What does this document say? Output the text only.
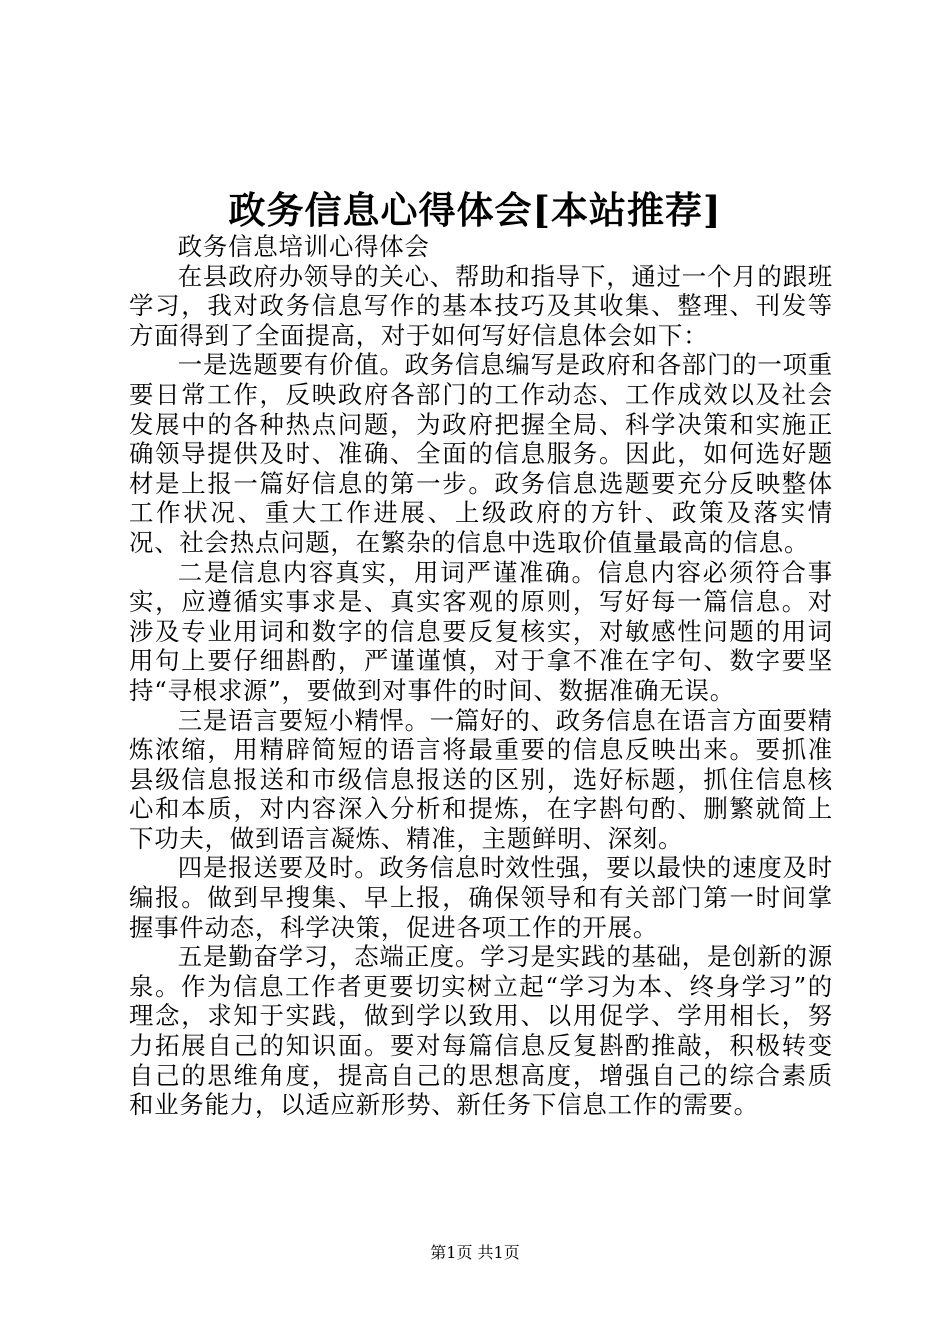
政务信息心得体会[本站推荐]

政务信息培训心得体会

在县政府办领导的关心、帮助和指导下，通过一个月的跟班学习，我对政务信息写作的基本技巧及其收集、整理、刊发等方面得到了全面提高，对于如何写好信息体会如下：

一是选题要有价值。政务信息编写是政府和各部门的一项重要日常工作，反映政府各部门的工作动态、工作成效以及社会发展中的各种热点问题，为政府把握全局、科学决策和实施正确领导提供及时、准确、全面的信息服务。因此，如何选好题材是上报一篇好信息的第一步。政务信息选题要充分反映整体工作状况、重大工作进展、上级政府的方针、政策及落实情况、社会热点问题，在繁杂的信息中选取价值量最高的信息。

二是信息内容真实，用词严谨准确。信息内容必须符合事实，应遵循实事求是、真实客观的原则，写好每一篇信息。对涉及专业用词和数字的信息要反复核实，对敏感性问题的用词用句上要仔细斟酌，严谨谨慎，对于拿不准在字句、数字要坚持“寻根求源”，要做到对事件的时间、数据准确无误。

三是语言要短小精悍。一篇好的、政务信息在语言方面要精炼浓缩，用精辟简短的语言将最重要的信息反映出来。要抓准县级信息报送和市级信息报送的区别，选好标题，抓住信息核心和本质，对内容深入分析和提炼，在字斟句酌、删繁就简上下功夫，做到语言凝炼、精准，主题鲜明、深刻。

四是报送要及时。政务信息时效性强，要以最快的速度及时编报。做到早搜集、早上报，确保领导和有关部门第一时间掌握事件动态，科学决策，促进各项工作的开展。

五是勤奋学习，态端正度。学习是实践的基础，是创新的源泉。作为信息工作者更要切实树立起“学习为本、终身学习”的理念，求知于实践，做到学以致用、以用促学、学用相长，努力拓展自己的知识面。要对每篇信息反复斟酌推敲，积极转变自己的思维角度，提高自己的思想高度，增强自己的综合素质和业务能力，以适应新形势、新任务下信息工作的需要。

第1页 共1页
